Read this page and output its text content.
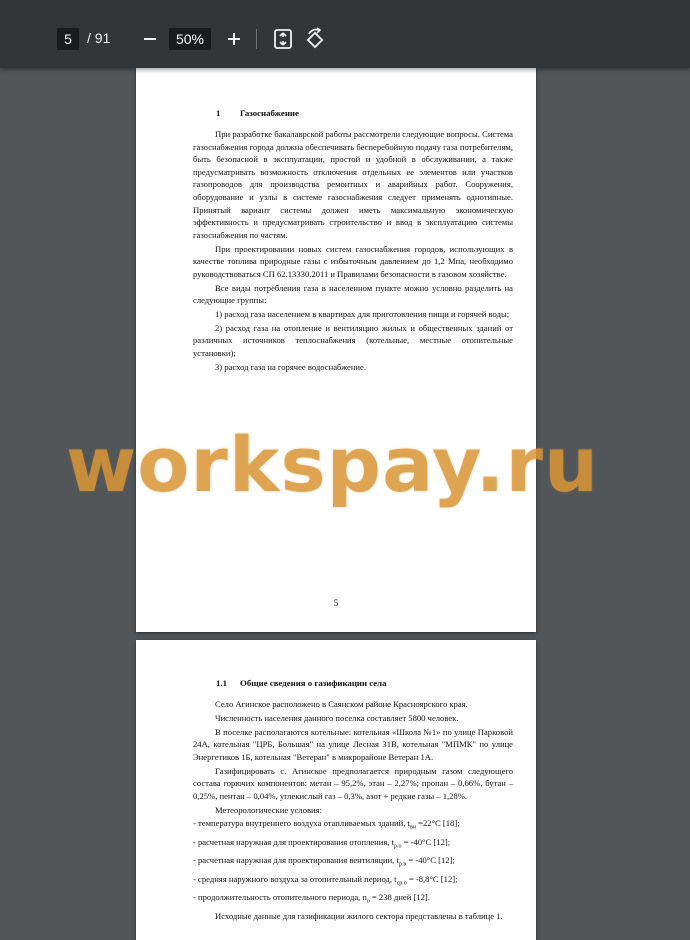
5	/ 91	50%
1 Газоснабжение

При разработке бакалаврской работы рассмотрели следующие вопросы. Система газоснабжения города должна обеспечивать бесперебойную подачу газа потребителям, быть безопасной в эксплуатации, простой и удобной в обслуживании, а также предусматривать возможность отключения отдельных ее элементов или участков газопроводов для производства ремонтных и аварийных работ. Сооружения, оборудование и узлы в системе газоснабжения следует применять однотипные. Принятый вариант системы должен иметь максимальную экономическую эффективность и предусматривать строительство и ввод в эксплуатацию системы газоснабжения по частям.

При проектировании новых систем газоснабжения городов, использующих в качестве топлива природные газы с избыточным давлением до 1,2 Мпа, необходимо руководствоваться СП 62.13330.2011 и Правилами безопасности в газовом хозяйстве.

Все виды потребления газа в населенном пункте можно условно разделить на следующие группы:

1) расход газа населением в квартирах для приготовления пищи и горячей воды;

2) расход газа на отопление и вентиляцию жилых и общественных зданий от различных источников теплоснабжения (котельные, местные отопительные установки);

3) расход газа на горячее водоснабжение.

5
1.1 Общие сведения о газификации села

Село Агинское расположено в Саянском районе Красноярского края.

Численность населения данного поселка составляет 5800 человек.

В поселке располагаются котельные: котельная «Школа №1» по улице Парковой 24А, котельная "ЦРБ, Большая" на улице Лесная 31В, котельная "МПМК" по улице Энергетиков 1Б, котельная "Ветеран" в микрорайоне Ветеран 1А.

Газифицировать с. Агинское предполагается природным газом следующего состава горючих компонентов: метан – 95,2%, этан – 2,27%; пропан – 0,66%, бутан – 0,25%, пентан – 0,04%, углекислый газ – 0,3%, азот + редкие газы – 1,28%.

Метеорологические условия:

- температура внутреннего воздуха отапливаемых зданий, $t_{вн} =22^\circ С$ [18];

- расчетная наружная для проектирования отопления, $t_{р.о} = -40^\circ С$ [12];

- расчетная наружная для проектирования вентиляции, $t_{р.в} = -40^\circ С$ [12];

- средняя наружного воздуха за отопительный период, $t_{ср.о} = -8,8^\circ С$ [12];

- продолжительность отопительного периода, $n_о = 238$ дней [12].

Исходные данные для газификации жилого сектора представлены в таблице 1.

workspay.ru
